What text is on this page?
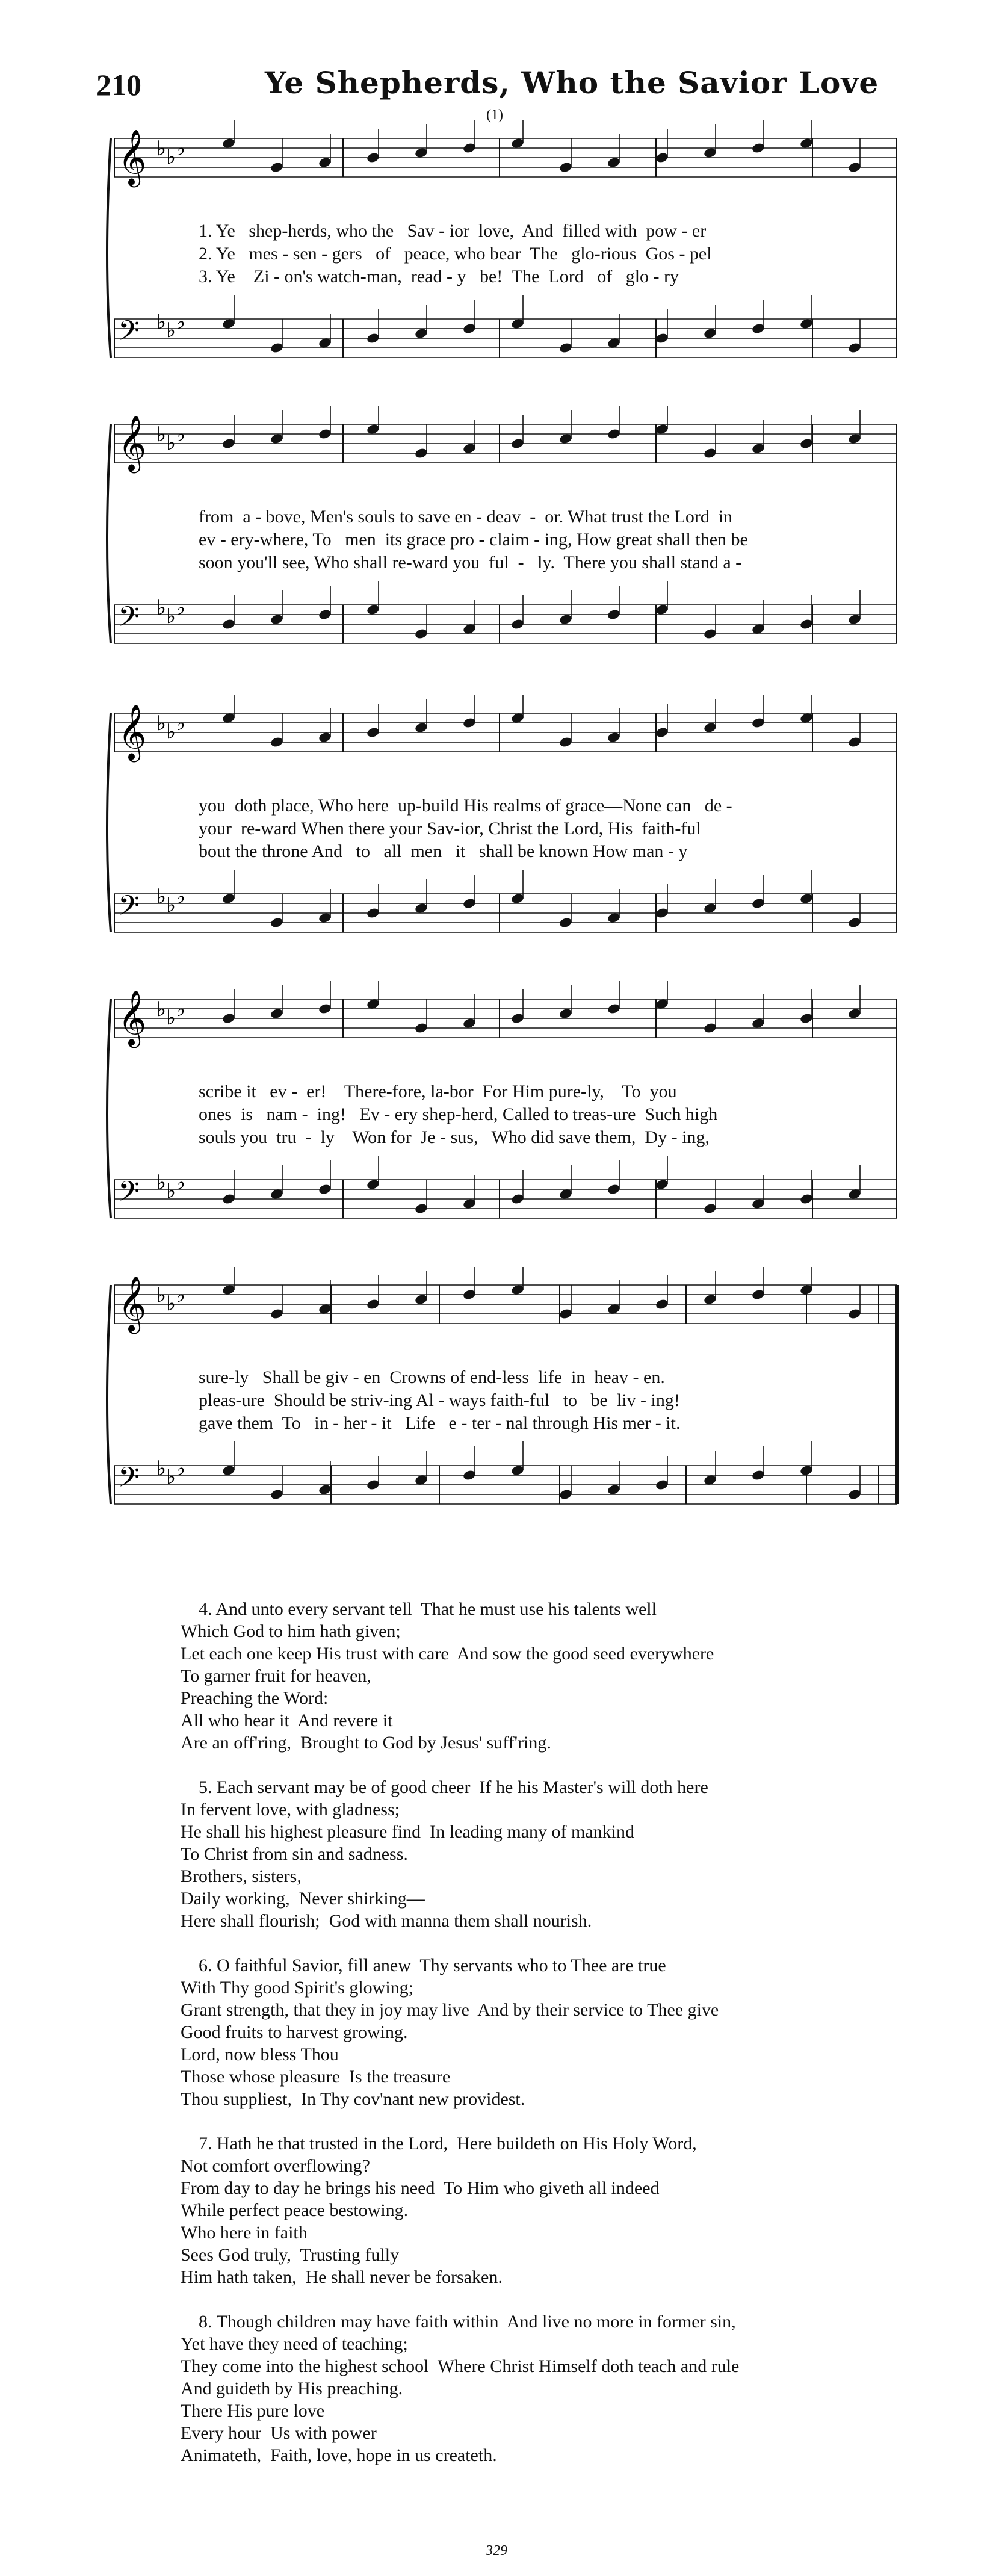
210	Ye Shepherds, Who the Savior Love
(1)
𝄞 ♭ ♭ ♭
𝄢 ♭ ♭ ♭
1. Ye   shep-herds, who the   Sav - ior  love,  And  filled with  pow - er
2. Ye   mes - sen - gers   of   peace, who bear  The   glo-rious  Gos - pel
3. Ye    Zi - on's watch-man,  read - y   be!  The  Lord   of   glo - ry
𝄞 ♭ ♭ ♭
𝄢 ♭ ♭ ♭
from  a - bove, Men's souls to save en - deav  -  or. What trust the Lord  in
ev - ery-where, To   men  its grace pro - claim - ing, How great shall then be
soon you'll see, Who shall re-ward you  ful  -   ly.  There you shall stand a -
𝄞 ♭ ♭ ♭
𝄢 ♭ ♭ ♭
you  doth place, Who here  up-build His realms of grace—None can   de -
your  re-ward When there your Sav-ior, Christ the Lord, His  faith-ful
bout the throne And   to   all  men   it   shall be known How man - y
𝄞 ♭ ♭ ♭
𝄢 ♭ ♭ ♭
scribe it   ev -  er!    There-fore, la-bor  For Him pure-ly,    To  you
ones  is   nam -  ing!   Ev - ery shep-herd, Called to treas-ure  Such high
souls you  tru  -  ly    Won for  Je - sus,   Who did save them,  Dy - ing,
𝄞 ♭ ♭ ♭
𝄢 ♭ ♭ ♭
sure-ly   Shall be giv - en  Crowns of end-less  life  in  heav - en.
pleas-ure  Should be striv-ing Al - ways faith-ful   to   be  liv - ing!
gave them  To   in - her - it   Life   e - ter - nal through His mer - it.
4. And unto every servant tell  That he must use his talents well
Which God to him hath given;
Let each one keep His trust with care  And sow the good seed everywhere
To garner fruit for heaven,
Preaching the Word:
All who hear it  And revere it
Are an off'ring,  Brought to God by Jesus' suff'ring.
5. Each servant may be of good cheer  If he his Master's will doth here
In fervent love, with gladness;
He shall his highest pleasure find  In leading many of mankind
To Christ from sin and sadness.
Brothers, sisters,
Daily working,  Never shirking—
Here shall flourish;  God with manna them shall nourish.
6. O faithful Savior, fill anew  Thy servants who to Thee are true
With Thy good Spirit's glowing;
Grant strength, that they in joy may live  And by their service to Thee give
Good fruits to harvest growing.
Lord, now bless Thou
Those whose pleasure  Is the treasure
Thou suppliest,  In Thy cov'nant new providest.
7. Hath he that trusted in the Lord,  Here buildeth on His Holy Word,
Not comfort overflowing?
From day to day he brings his need  To Him who giveth all indeed
While perfect peace bestowing.
Who here in faith
Sees God truly,  Trusting fully
Him hath taken,  He shall never be forsaken.
8. Though children may have faith within  And live no more in former sin,
Yet have they need of teaching;
They come into the highest school  Where Christ Himself doth teach and rule
And guideth by His preaching.
There His pure love
Every hour  Us with power
Animateth,  Faith, love, hope in us createth.
329
